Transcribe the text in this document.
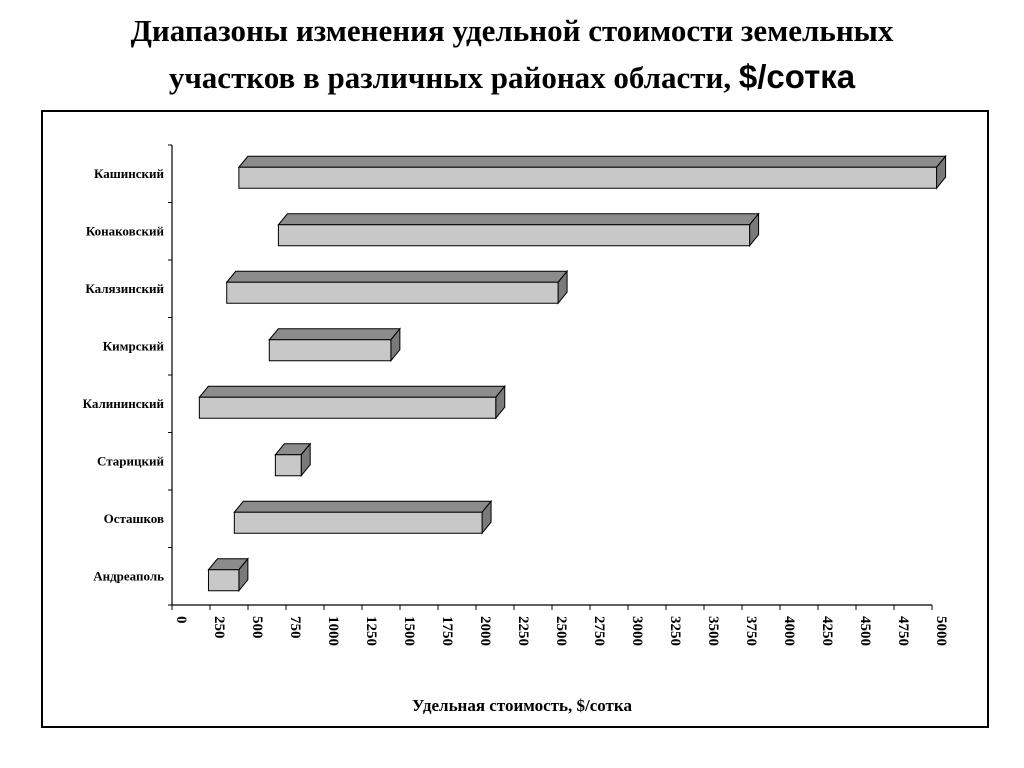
Диапазоны изменения удельной стоимости земельных
участков в различных районах области, $/сотка
0 250 500 750 1000 1250 1500 1750 2000 2250 2500 2750 3000 3250 3500 3750 4000 4250 4500 4750 5000
Удельная стоимость, $/сотка
Андреаполь
Осташков
Старицкий
Калининский
Кимрский
Калязинский
Конаковский
Кашинский
